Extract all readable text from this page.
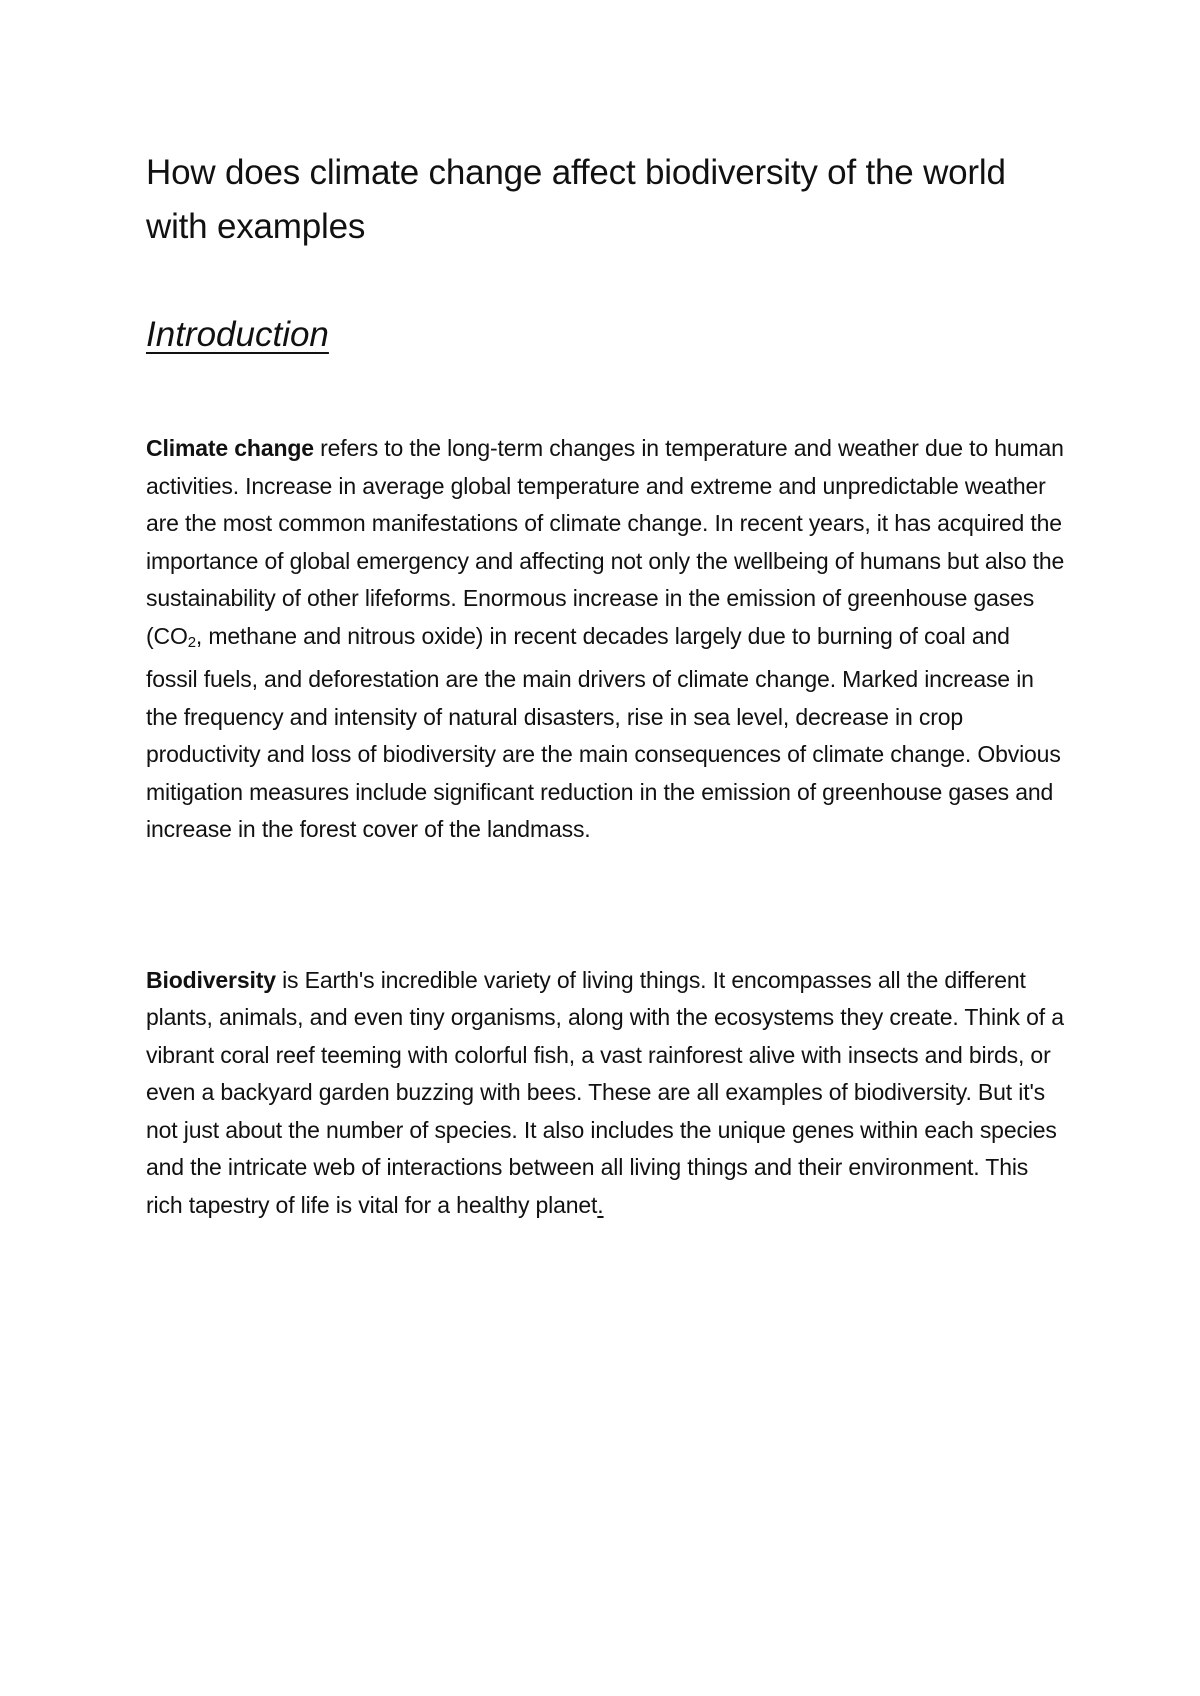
How does climate change affect biodiversity of the world with examples
Introduction

Climate change refers to the long-term changes in temperature and weather due to human activities. Increase in average global temperature and extreme and unpredictable weather are the most common manifestations of climate change. In recent years, it has acquired the importance of global emergency and affecting not only the wellbeing of humans but also the sustainability of other lifeforms. Enormous increase in the emission of greenhouse gases ($CO_2$, methane and nitrous oxide) in recent decades largely due to burning of coal and fossil fuels, and deforestation are the main drivers of climate change. Marked increase in the frequency and intensity of natural disasters, rise in sea level, decrease in crop productivity and loss of biodiversity are the main consequences of climate change. Obvious mitigation measures include significant reduction in the emission of greenhouse gases and increase in the forest cover of the landmass.

Biodiversity is Earth's incredible variety of living things. It encompasses all the different plants, animals, and even tiny organisms, along with the ecosystems they create. Think of a vibrant coral reef teeming with colorful fish, a vast rainforest alive with insects and birds, or even a backyard garden buzzing with bees. These are all examples of biodiversity. But it's not just about the number of species. It also includes the unique genes within each species and the intricate web of interactions between all living things and their environment. This rich tapestry of life is vital for a healthy planet.
